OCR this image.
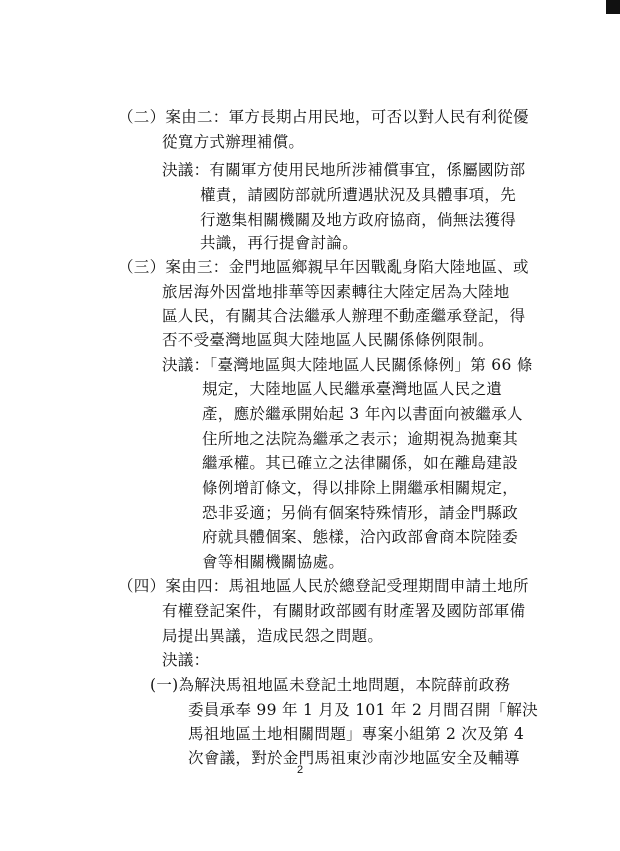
（二）案由二：軍方長期占用民地，可否以對人民有利從優
從寬方式辦理補償。
決議：有關軍方使用民地所涉補償事宜，係屬國防部
權責，請國防部就所遭遇狀況及具體事項，先
行邀集相關機關及地方政府協商，倘無法獲得
共識，再行提會討論。
（三）案由三：金門地區鄉親早年因戰亂身陷大陸地區、或
旅居海外因當地排華等因素轉往大陸定居為大陸地
區人民，有關其合法繼承人辦理不動產繼承登記，得
否不受臺灣地區與大陸地區人民關係條例限制。
決議：「臺灣地區與大陸地區人民關係條例」第 66 條
規定，大陸地區人民繼承臺灣地區人民之遺
產，應於繼承開始起 3 年內以書面向被繼承人
住所地之法院為繼承之表示；逾期視為拋棄其
繼承權。其已確立之法律關係，如在離島建設
條例增訂條文，得以排除上開繼承相關規定，
恐非妥適；另倘有個案特殊情形，請金門縣政
府就具體個案、態樣，洽內政部會商本院陸委
會等相關機關協處。
（四）案由四：馬祖地區人民於總登記受理期間申請土地所
有權登記案件，有關財政部國有財產署及國防部軍備
局提出異議，造成民怨之問題。
決議：
(一)為解決馬祖地區未登記土地問題，本院薛前政務
委員承奉 99 年 1 月及 101 年 2 月間召開「解決
馬祖地區土地相關問題」專案小組第 2 次及第 4
次會議，對於金門馬祖東沙南沙地區安全及輔導
2
